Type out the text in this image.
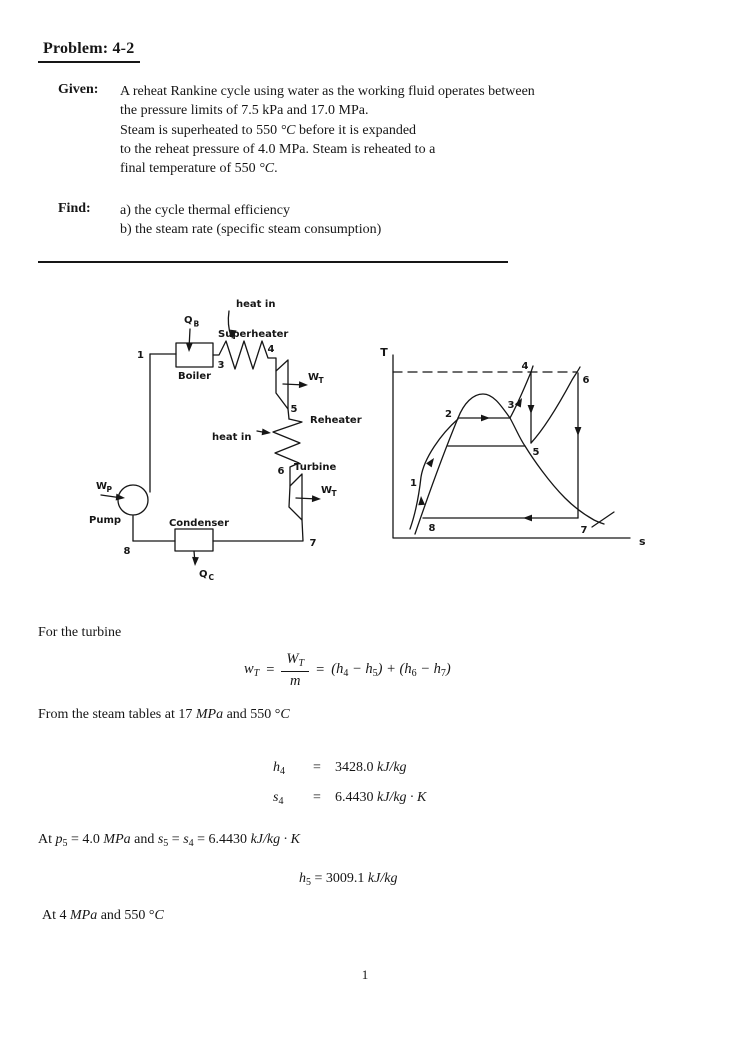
Problem: 4-2
Given: A reheat Rankine cycle using water as the working fluid operates between
the pressure limits of 7.5 kPa and 17.0 MPa.
Steam is superheated to 550 °C before it is expanded
to the reheat pressure of 4.0 MPa. Steam is reheated to a
final temperature of 550 °C.
Find: a) the cycle thermal efficiency
b) the steam rate (specific steam consumption)
1
Q B
Boiler
3
heat in
Superheater
4
W T
5
Reheater
heat in
6 Turbine
W T
7
Condenser
8
Q C
W P
Pump
T
s
1
2
3
4
5
6
7
8
For the turbine
$w_T = \frac{W_T}{m} = (h_4 - h_5) + (h_6 - h_7)$
From the steam tables at 17 MPa and 550 °C
$h_4$	=	3428.0 kJ/kg
$s_4$	=	6.4430 kJ/kg · K
At $p_5 = 4.0$ MPa and $s_5 = s_4 = 6.4430$ kJ/kg · K
$h_5 = 3009.1$ kJ/kg
At 4 MPa and 550 °C
1
